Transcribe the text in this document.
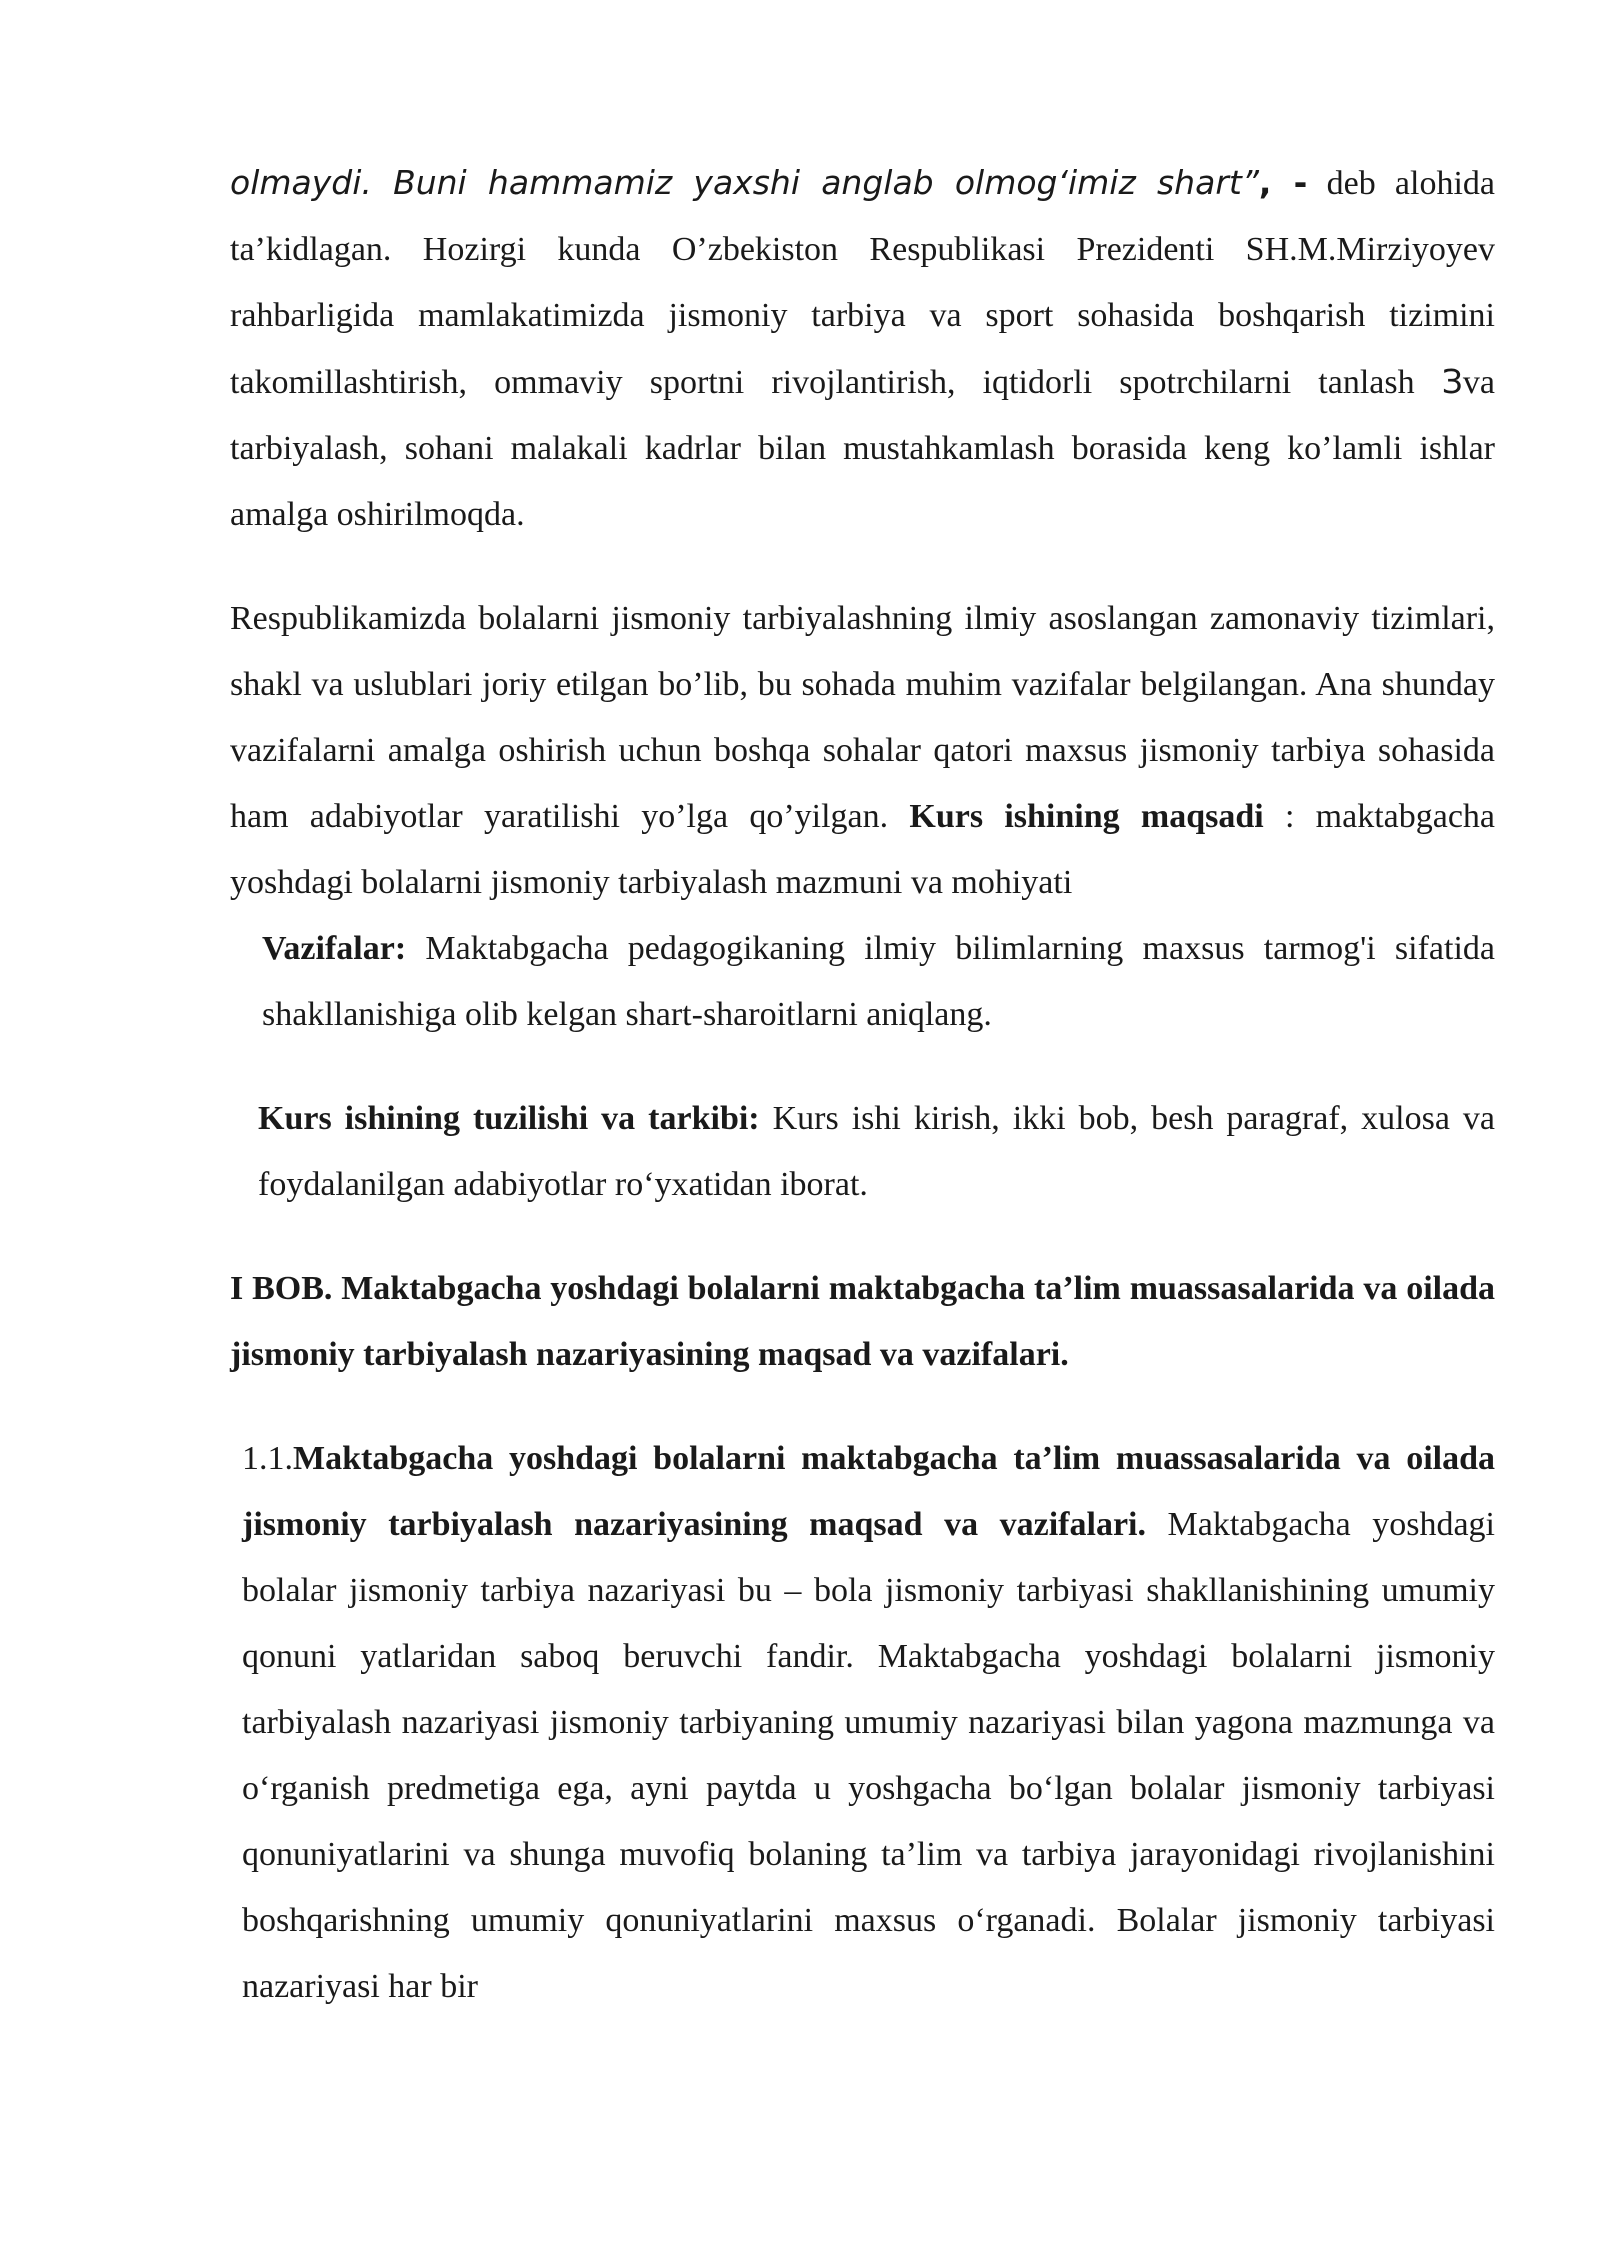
olmaydi. Buni hammamiz yaxshi anglab olmog‘imiz shart”, - deb alohida ta’kidlagan. Hozirgi kunda O’zbekiston Respublikasi Prezidenti SH.M.Mirziyoyev rahbarligida mamlakatimizda jismoniy tarbiya va sport sohasida boshqarish tizimini takomillashtirish, ommaviy sportni rivojlantirish, iqtidorli spotrchilarni tanlash Зva tarbiyalash, sohani malakali kadrlar bilan mustahkamlash borasida keng ko’lamli ishlar amalga oshirilmoqda.

Respublikamizda bolalarni jismoniy tarbiyalashning ilmiy asoslangan zamonaviy tizimlari, shakl va uslublari joriy etilgan bo’lib, bu sohada muhim vazifalar belgilangan. Ana shunday vazifalarni amalga oshirish uchun boshqa sohalar qatori maxsus jismoniy tarbiya sohasida ham adabiyotlar yaratilishi yo’lga qo’yilgan. Kurs ishining maqsadi : maktabgacha yoshdagi bolalarni jismoniy tarbiyalash mazmuni va mohiyati

Vazifalar: Maktabgacha pedagogikaning ilmiy bilimlarning maxsus tarmog'i sifatida shakllanishiga olib kelgan shart-sharoitlarni aniqlang.

Kurs ishining tuzilishi va tarkibi: Kurs ishi kirish, ikki bob, besh paragraf, xulosa va foydalanilgan adabiyotlar ro‘yxatidan iborat.

I BOB. Maktabgacha yoshdagi bolalarni maktabgacha ta’lim muassasalarida va oilada jismoniy tarbiyalash nazariyasining maqsad va vazifalari.

1.1.Maktabgacha yoshdagi bolalarni maktabgacha ta’lim muassasalarida va oilada jismoniy tarbiyalash nazariyasining maqsad va vazifalari. Maktabgacha yoshdagi bolalar jismoniy tarbiya nazariyasi bu – bola jismoniy tarbiyasi shakllanishining umumiy qonuni yatlaridan saboq beruvchi fandir. Maktabgacha yoshdagi bolalarni jismoniy tarbiyalash nazariyasi jismoniy tarbiyaning umumiy nazariyasi bilan yagona mazmunga va o‘rganish predmetiga ega, ayni paytda u yoshgacha bo‘lgan bolalar jismoniy tarbiyasi qonuniyatlarini va shunga muvofiq bolaning ta’lim va tarbiya jarayonidagi rivojlanishini boshqarishning umumiy qonuniyatlarini maxsus o‘rganadi. Bolalar jismoniy tarbiyasi nazariyasi har bir
